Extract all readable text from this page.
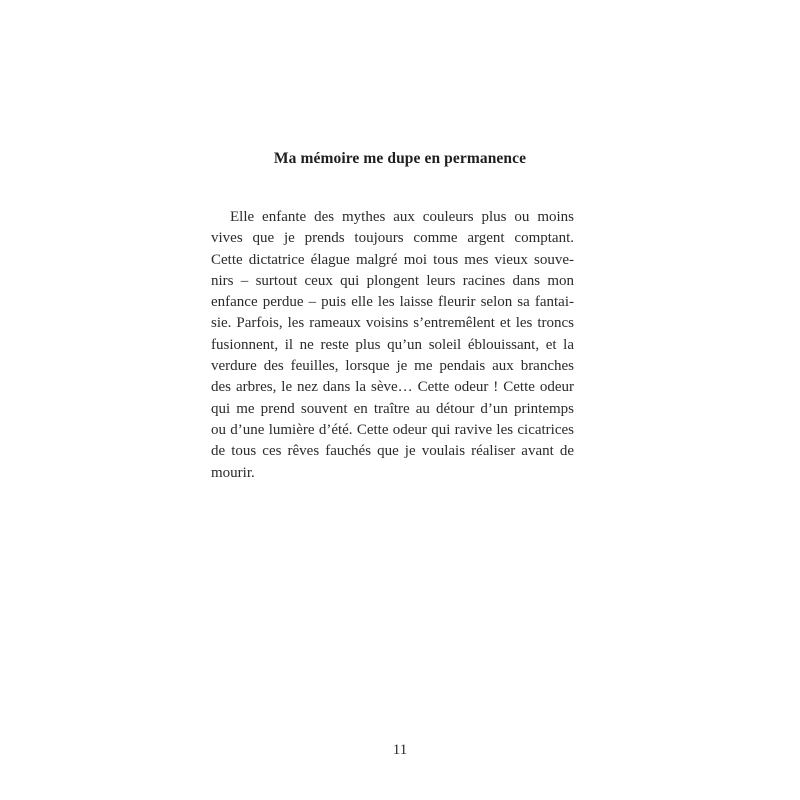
Ma mémoire me dupe en permanence
Elle enfante des mythes aux couleurs plus ou moins
vives que je prends toujours comme argent comptant.
Cette dictatrice élague malgré moi tous mes vieux souve-
nirs – surtout ceux qui plongent leurs racines dans mon
enfance perdue – puis elle les laisse fleurir selon sa fantai-
sie. Parfois, les rameaux voisins s’entremêlent et les troncs
fusionnent, il ne reste plus qu’un soleil éblouissant, et la
verdure des feuilles, lorsque je me pendais aux branches
des arbres, le nez dans la sève… Cette odeur ! Cette odeur
qui me prend souvent en traître au détour d’un printemps
ou d’une lumière d’été. Cette odeur qui ravive les cicatrices
de tous ces rêves fauchés que je voulais réaliser avant de
mourir.
11
